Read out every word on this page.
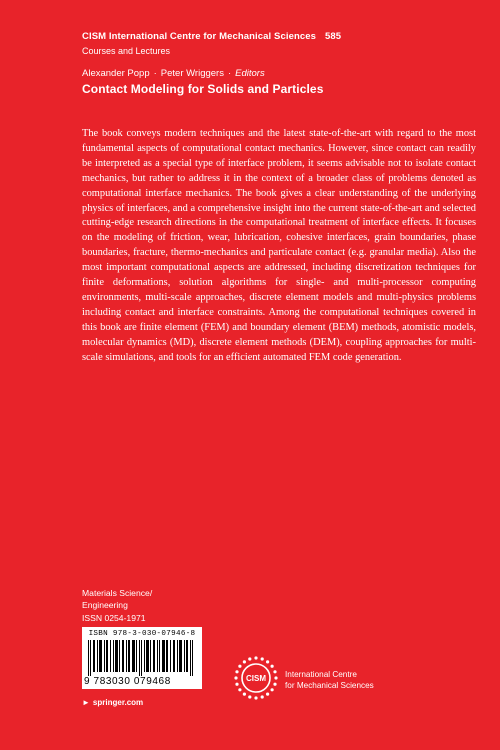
CISM International Centre for Mechanical Sciences 585
Courses and Lectures
Alexander Popp · Peter Wriggers · Editors
Contact Modeling for Solids and Particles
The book conveys modern techniques and the latest state-of-the-art with regard to the most fundamental aspects of computational contact mechanics. However, since contact can readily be interpreted as a special type of interface problem, it seems advisable not to isolate contact mechanics, but rather to address it in the context of a broader class of problems denoted as computational interface mechanics. The book gives a clear understanding of the underlying physics of interfaces, and a comprehensive insight into the current state-of-the-art and selected cutting-edge research directions in the computational treatment of interface effects. It focuses on the modeling of friction, wear, lubrication, cohesive interfaces, grain boundaries, phase boundaries, fracture, thermo-mechanics and particulate contact (e.g. granular media). Also the most important computational aspects are addressed, including discretization techniques for finite deformations, solution algorithms for single- and multi-processor computing environments, multi-scale approaches, discrete element models and multi-physics problems including contact and interface constraints. Among the computational techniques covered in this book are finite element (FEM) and boundary element (BEM) methods, atomistic models, molecular dynamics (MD), discrete element methods (DEM), coupling approaches for multi-scale simulations, and tools for an efficient automated FEM code generation.
Materials Science/
Engineering
ISSN 0254-1971
ISBN 978-3-030-07946-8
9 783030 079468
► springer.com
CISM International Centre
for Mechanical Sciences
